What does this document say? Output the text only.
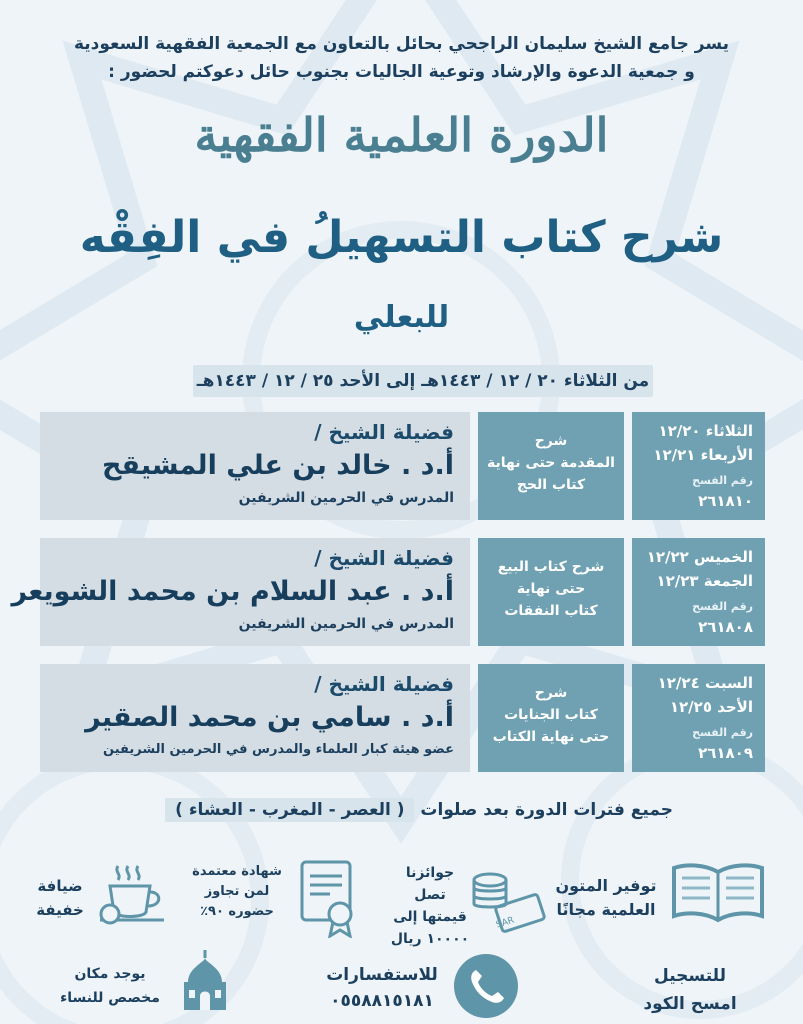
يسر جامع الشيخ سليمان الراجحي بحائل بالتعاون مع الجمعية الفقهية السعودية
و جمعية الدعوة والإرشاد وتوعية الجاليات بجنوب حائل دعوكتم لحضور :
الدورة العلمية الفقهية
شرح كتاب التسهيلُ في الفِقْه
للبعلي
من الثلاثاء ٢٠ / ١٢ / ١٤٤٣هـ إلى الأحد ٢٥ / ١٢ / ١٤٤٣هـ
فضيلة الشيخ /
أ.د . خالد بن علي المشيقح
المدرس في الحرمين الشريفين
شرح
المقدمة حتى نهاية
كتاب الحج
الثلاثاء ١٢/٢٠
الأربعاء ١٢/٢١
رقم الفسح
٢٦١٨١٠
فضيلة الشيخ /
أ.د . عبد السلام بن محمد الشويعر
المدرس في الحرمين الشريفين
شرح كتاب البيع
حتى نهاية
كتاب النفقات
الخميس ١٢/٢٢
الجمعة ١٢/٢٣
رقم الفسح
٢٦١٨٠٨
فضيلة الشيخ /
أ.د . سامي بن محمد الصقير
عضو هيئة كبار العلماء والمدرس في الحرمين الشريفين
شرح
كتاب الجنايات
حتى نهاية الكتاب
السبت ١٢/٢٤
الأحد ١٢/٢٥
رقم الفسح
٢٦١٨٠٩
جميع فترات الدورة بعد صلوات ( العصر - المغرب - العشاء )
توفير المتون
العلمية مجانًا
SAR
جوائزنا تصل
قيمتها إلى
١٠٠٠٠ ريال
شهادة معتمدة
لمن تجاوز
حضوره ٩٠٪
ضيافة
خفيفة
للتسجيل
امسح الكود
للاستفسارات
٠٥٥٨٨١٥١٨١
يوجد مكان
مخصص للنساء
